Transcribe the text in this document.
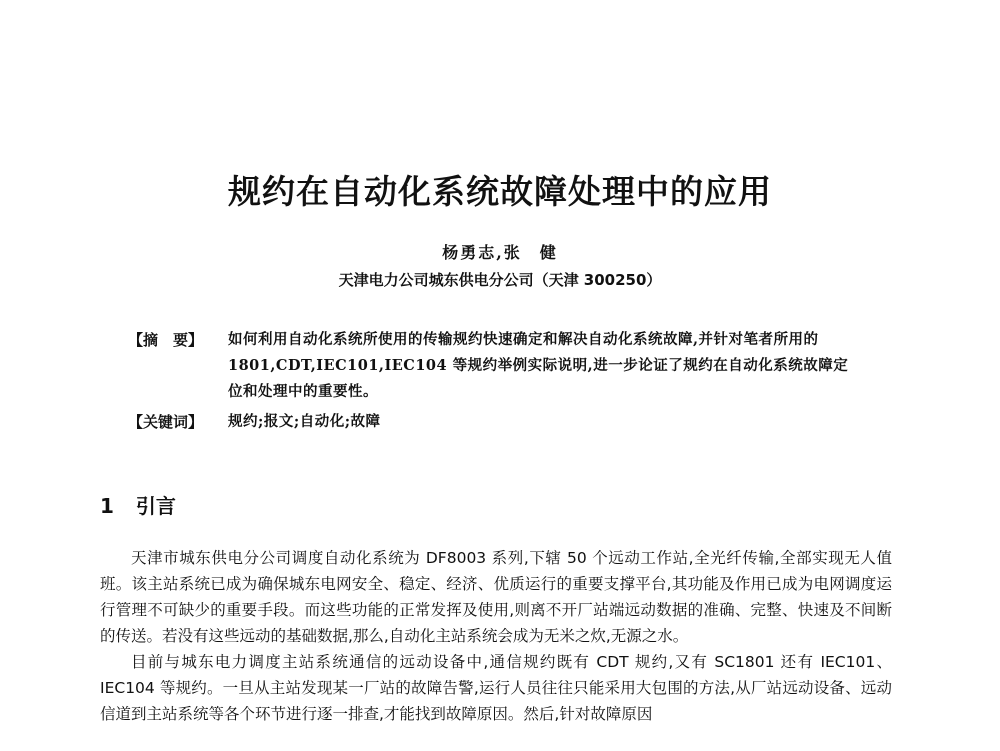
规约在自动化系统故障处理中的应用
杨勇志,张　健
天津电力公司城东供电分公司（天津 300250）
【摘　要】 如何利用自动化系统所使用的传输规约快速确定和解决自动化系统故障,并针对笔者所用的 1801,CDT,IEC101,IEC104 等规约举例实际说明,进一步论证了规约在自动化系统故障定位和处理中的重要性。
【关键词】 规约;报文;自动化;故障
1 引言

天津市城东供电分公司调度自动化系统为 DF8003 系列,下辖 50 个远动工作站,全光纤传输,全部实现无人值班。该主站系统已成为确保城东电网安全、稳定、经济、优质运行的重要支撑平台,其功能及作用已成为电网调度运行管理不可缺少的重要手段。而这些功能的正常发挥及使用,则离不开厂站端远动数据的准确、完整、快速及不间断的传送。若没有这些远动的基础数据,那么,自动化主站系统会成为无米之炊,无源之水。

目前与城东电力调度主站系统通信的远动设备中,通信规约既有 CDT 规约,又有 SC1801 还有 IEC101、IEC104 等规约。一旦从主站发现某一厂站的故障告警,运行人员往往只能采用大包围的方法,从厂站远动设备、远动信道到主站系统等各个环节进行逐一排查,才能找到故障原因。然后,针对故障原因
